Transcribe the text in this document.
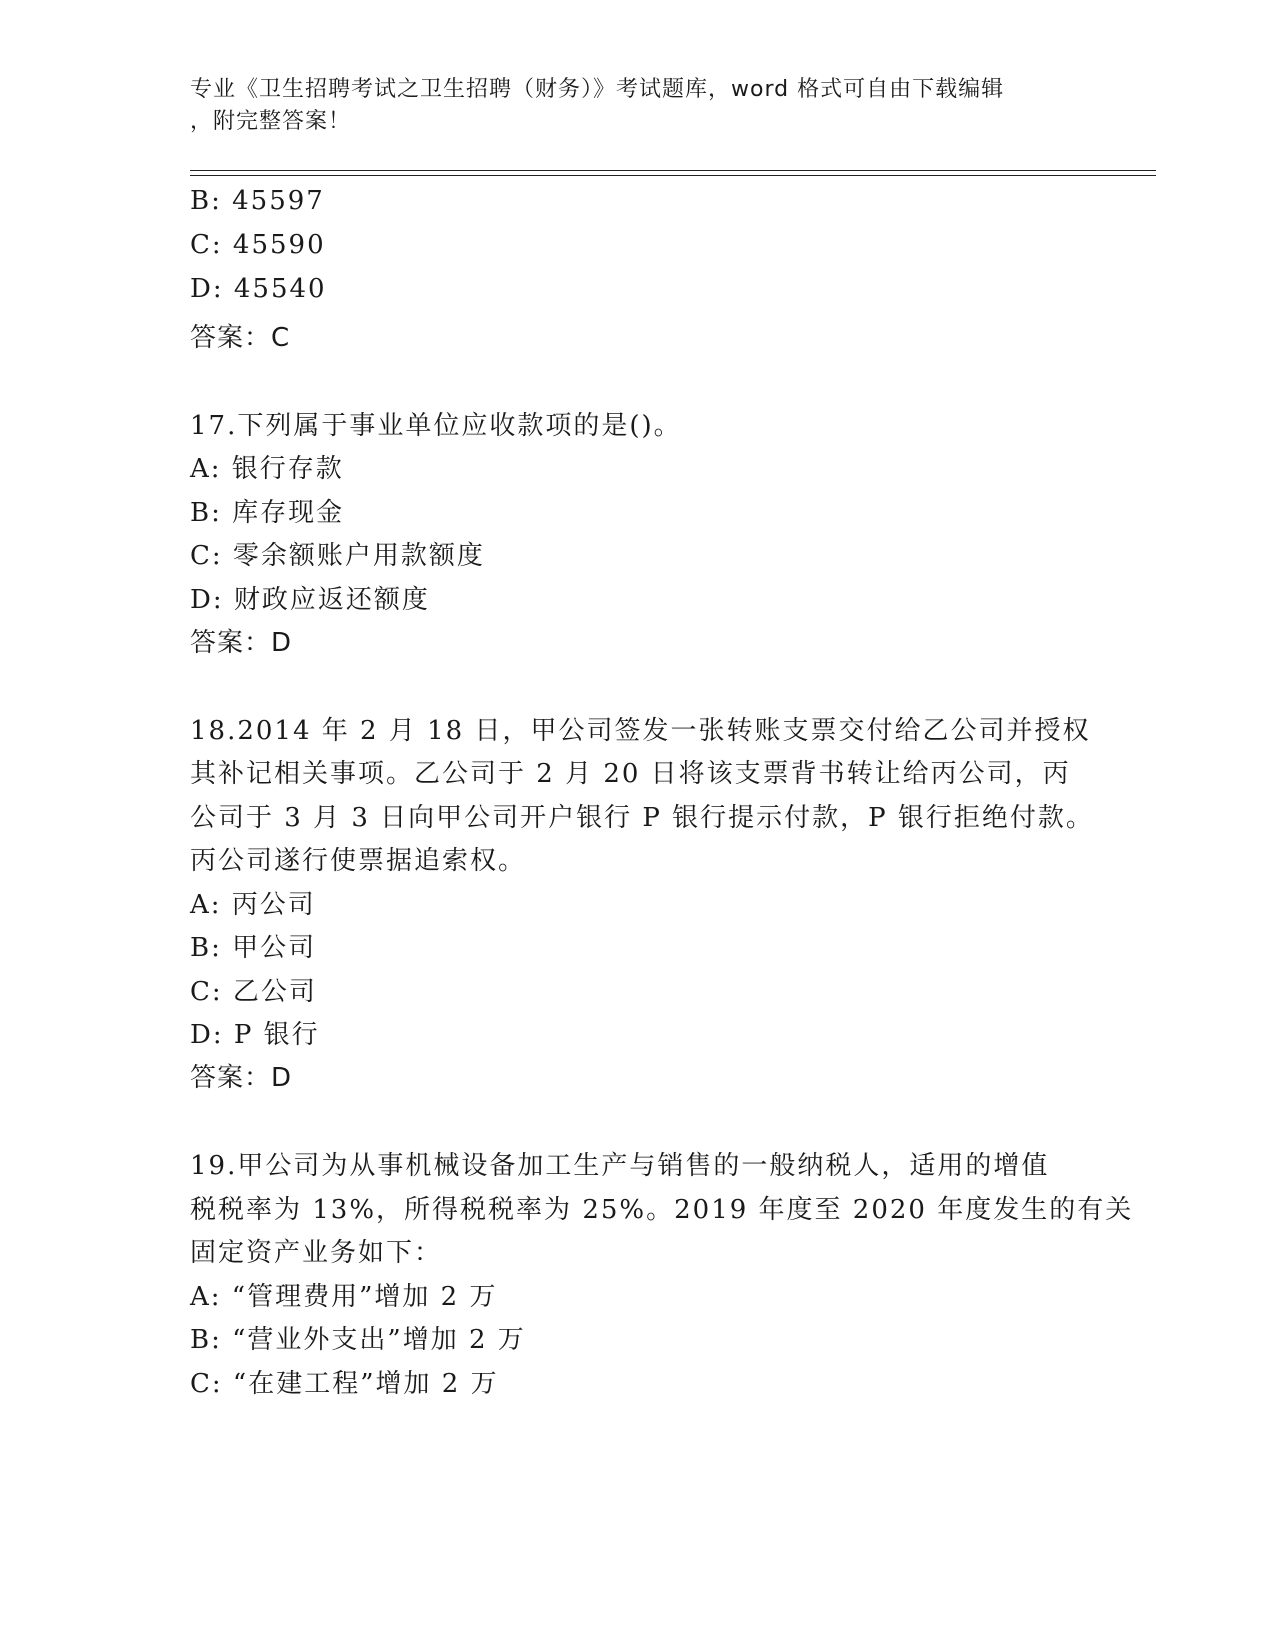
专业《卫生招聘考试之卫生招聘（财务）》考试题库，word 格式可自由下载编辑
，附完整答案！
B: 45597
C: 45590
D: 45540
答案：C
17.下列属于事业单位应收款项的是()。
A: 银行存款
B: 库存现金
C: 零余额账户用款额度
D: 财政应返还额度
答案：D
18.2014 年 2 月 18 日，甲公司签发一张转账支票交付给乙公司并授权
其补记相关事项。乙公司于 2 月 20 日将该支票背书转让给丙公司，丙
公司于 3 月 3 日向甲公司开户银行 P 银行提示付款，P 银行拒绝付款。
丙公司遂行使票据追索权。
A: 丙公司
B: 甲公司
C: 乙公司
D: P 银行
答案：D
19.甲公司为从事机械设备加工生产与销售的一般纳税人，适用的增值
税税率为 13%，所得税税率为 25%。2019 年度至 2020 年度发生的有关
固定资产业务如下：
A: “管理费用”增加 2 万
B: “营业外支出”增加 2 万
C: “在建工程”增加 2 万
